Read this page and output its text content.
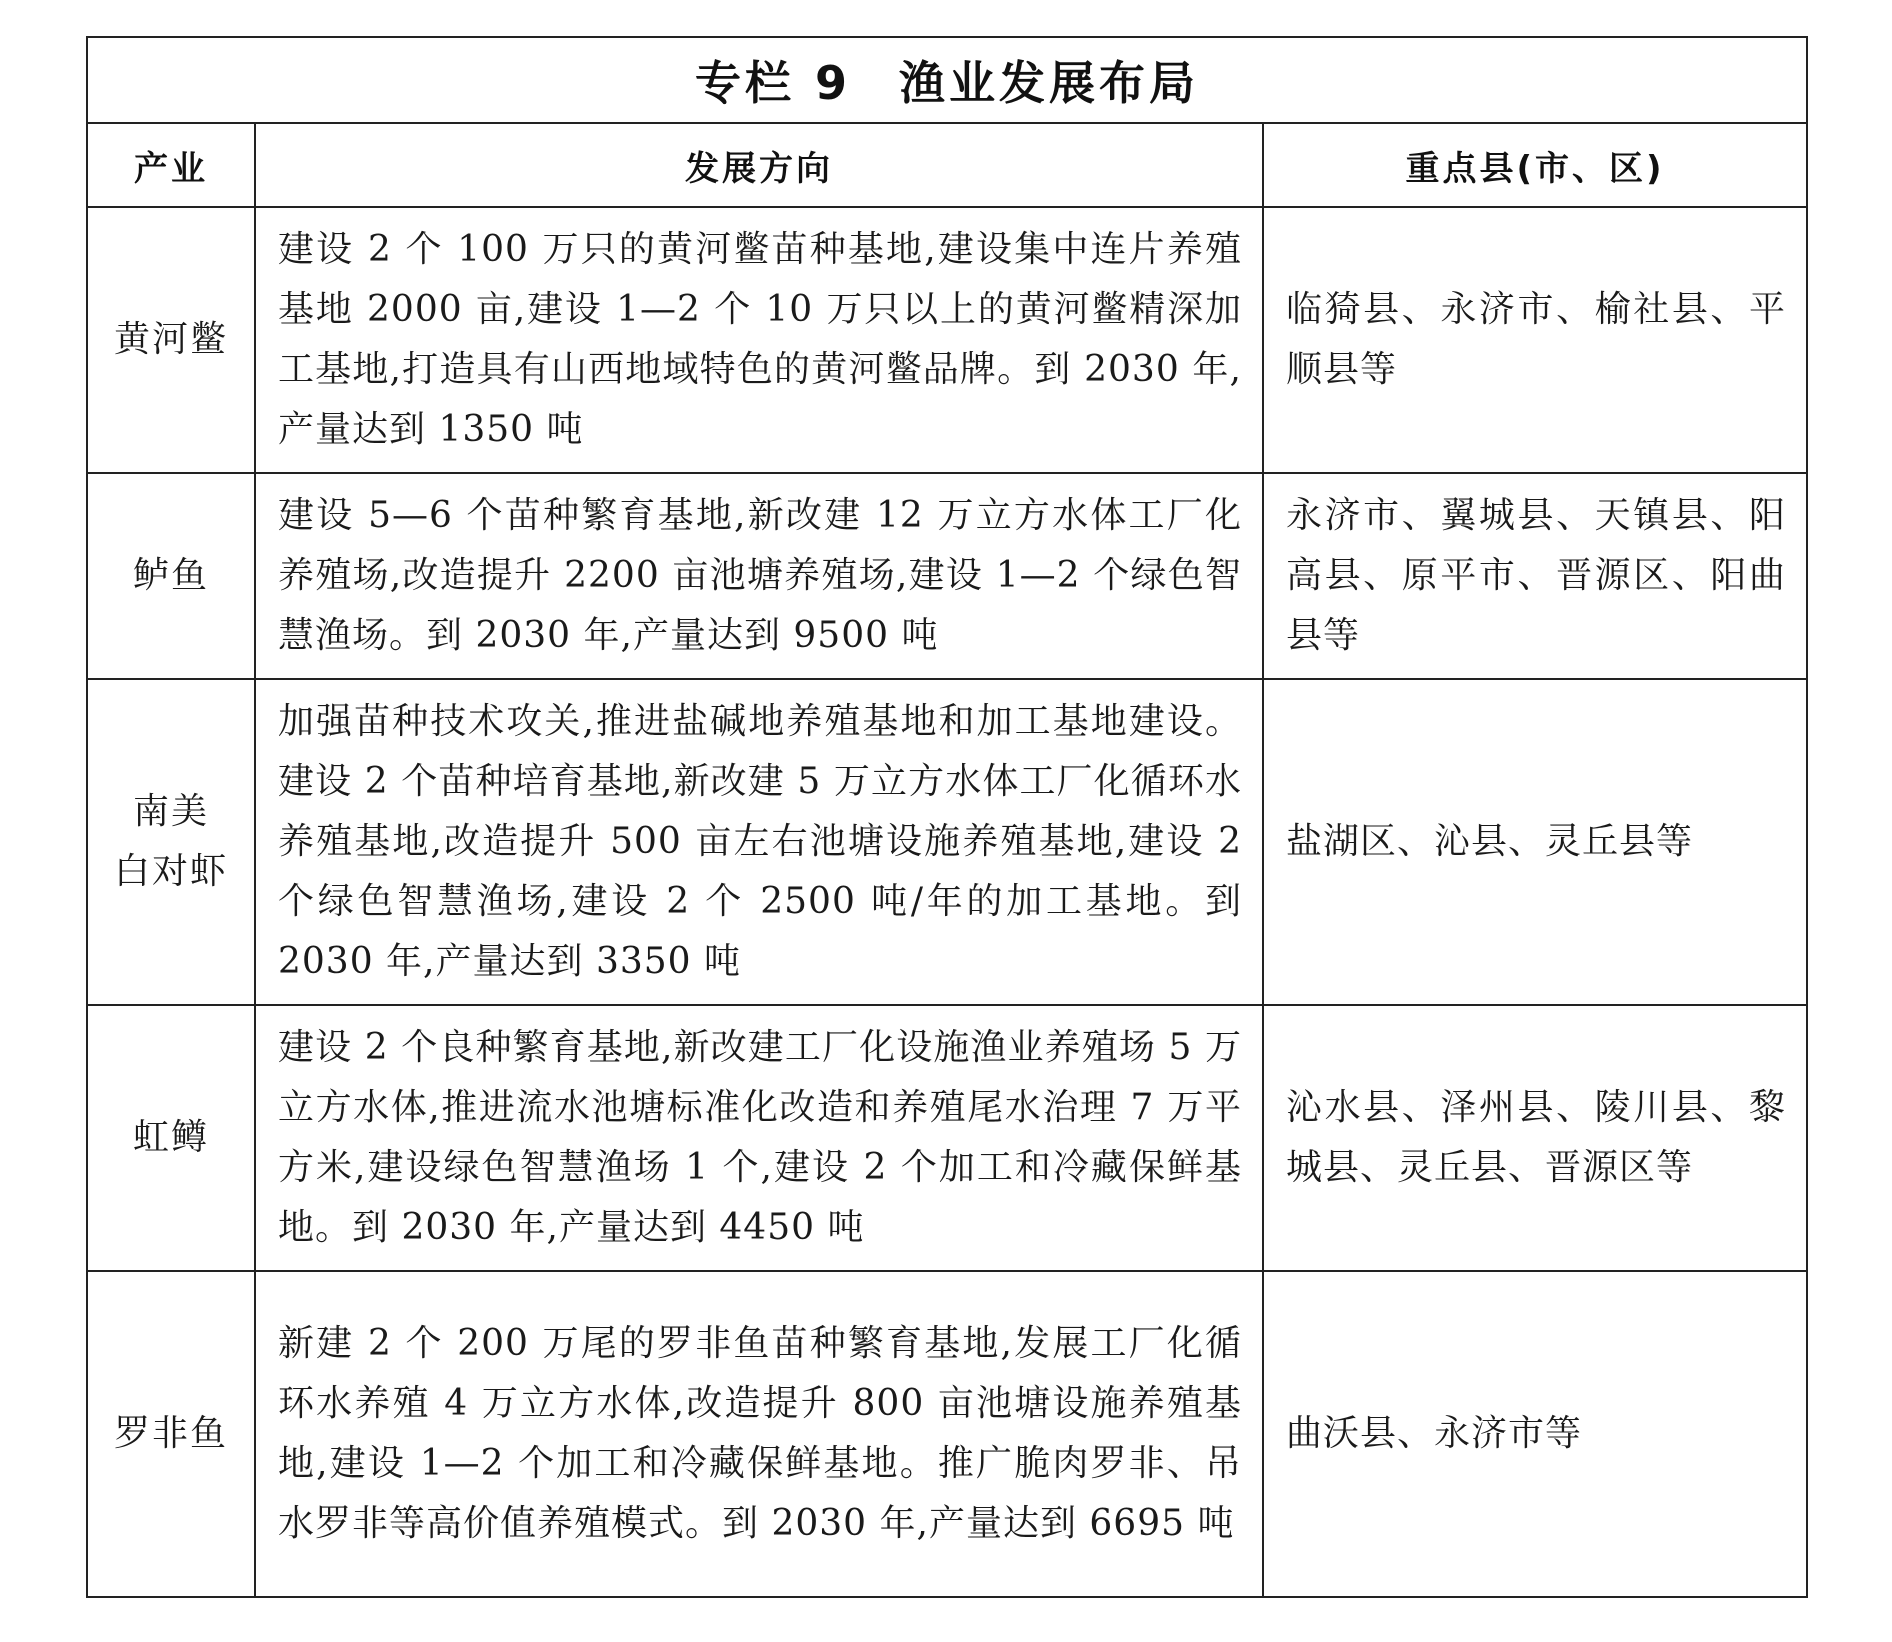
专栏 9 渔业发展布局		
产业	发展方向	重点县(市、区)

黄河鳖	建设 2 个 100 万只的黄河鳖苗种基地,建设集中连片养殖基地 2000 亩,建设 1—2 个 10 万只以上的黄河鳖精深加工基地,打造具有山西地域特色的黄河鳖品牌。到 2030 年,产量达到 1350 吨	临猗县、永济市、榆社县、平顺县等

鲈鱼	建设 5—6 个苗种繁育基地,新改建 12 万立方水体工厂化养殖场,改造提升 2200 亩池塘养殖场,建设 1—2 个绿色智慧渔场。到 2030 年,产量达到 9500 吨	永济市、翼城县、天镇县、阳高县、原平市、晋源区、阳曲县等

南美
白对虾	加强苗种技术攻关,推进盐碱地养殖基地和加工基地建设。建设 2 个苗种培育基地,新改建 5 万立方水体工厂化循环水养殖基地,改造提升 500 亩左右池塘设施养殖基地,建设 2 个绿色智慧渔场,建设 2 个 2500 吨/年的加工基地。到 2030 年,产量达到 3350 吨	盐湖区、沁县、灵丘县等

虹鳟	建设 2 个良种繁育基地,新改建工厂化设施渔业养殖场 5 万立方水体,推进流水池塘标准化改造和养殖尾水治理 7 万平方米,建设绿色智慧渔场 1 个,建设 2 个加工和冷藏保鲜基地。到 2030 年,产量达到 4450 吨	沁水县、泽州县、陵川县、黎城县、灵丘县、晋源区等

罗非鱼	新建 2 个 200 万尾的罗非鱼苗种繁育基地,发展工厂化循环水养殖 4 万立方水体,改造提升 800 亩池塘设施养殖基地,建设 1—2 个加工和冷藏保鲜基地。推广脆肉罗非、吊水罗非等高价值养殖模式。到 2030 年,产量达到 6695 吨	曲沃县、永济市等
